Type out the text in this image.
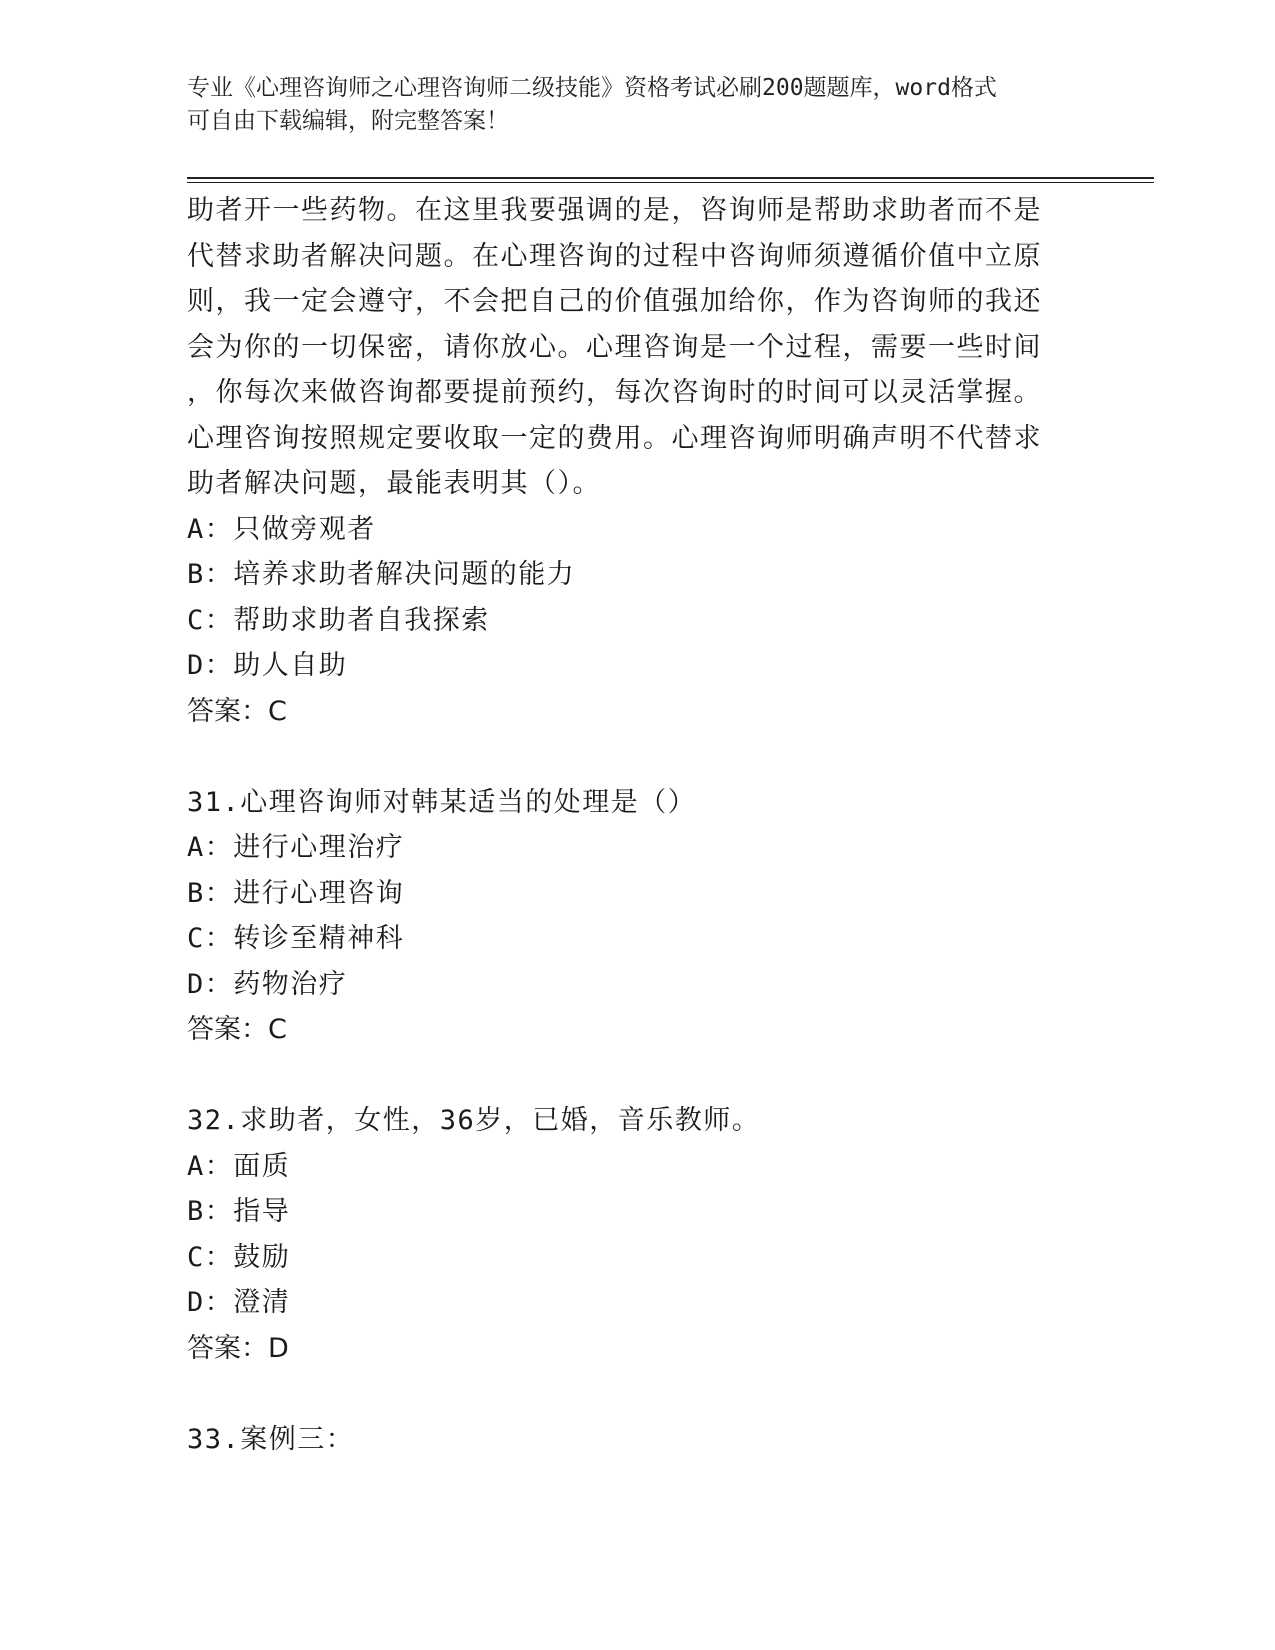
专业《心理咨询师之心理咨询师二级技能》资格考试必刷200题题库，word格式
可自由下载编辑，附完整答案！
助者开一些药物。在这里我要强调的是，咨询师是帮助求助者而不是
代替求助者解决问题。在心理咨询的过程中咨询师须遵循价值中立原
则，我一定会遵守，不会把自己的价值强加给你，作为咨询师的我还
会为你的一切保密，请你放心。心理咨询是一个过程，需要一些时间
，你每次来做咨询都要提前预约，每次咨询时的时间可以灵活掌握。
心理咨询按照规定要收取一定的费用。心理咨询师明确声明不代替求
助者解决问题，最能表明其（）。
A：只做旁观者
B：培养求助者解决问题的能力
C：帮助求助者自我探索
D：助人自助
答案：C
31.心理咨询师对韩某适当的处理是（）
A：进行心理治疗
B：进行心理咨询
C：转诊至精神科
D：药物治疗
答案：C
32.求助者，女性，36岁，已婚，音乐教师。
A：面质
B：指导
C：鼓励
D：澄清
答案：D
33.案例三：
